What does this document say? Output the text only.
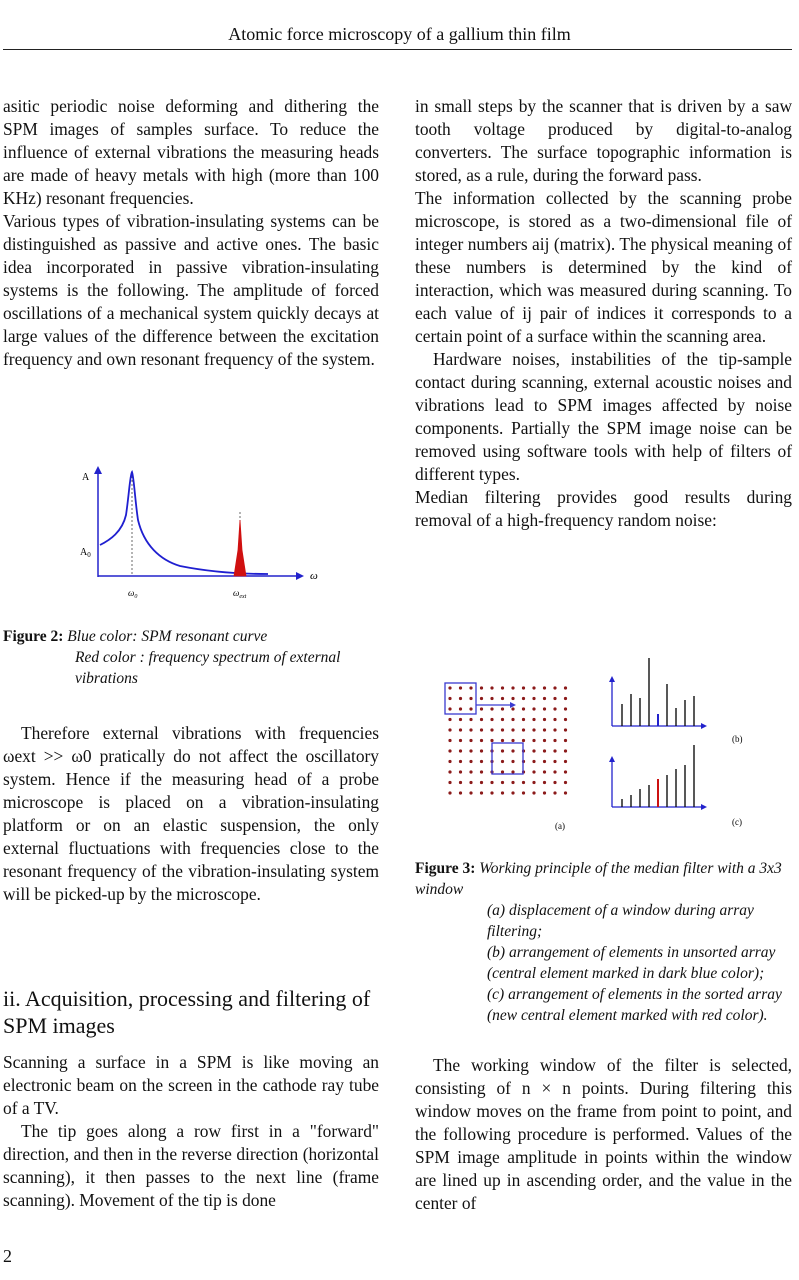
Atomic force microscopy of a gallium thin film

asitic periodic noise deforming and dithering the SPM images of samples surface. To reduce the influence of external vibrations the measuring heads are made of heavy metals with high (more than 100 KHz) resonant frequencies.

Various types of vibration-insulating systems can be distinguished as passive and active ones. The basic idea incorporated in passive vibration-insulating systems is the following. The amplitude of forced oscillations of a mechanical system quickly decays at large values of the difference between the excitation frequency and own resonant frequency of the system.

A
$A_0$
ω
$\omega_0$	$\omega_{ext}$
Figure 2: Blue color: SPM resonant curve
Red color : frequency spectrum of external vibrations

Therefore external vibrations with frequencies ωext >> ω0 pratically do not affect the oscillatory system. Hence if the measuring head of a probe microscope is placed on a vibration-insulating platform or on an elastic suspension, the only external fluctuations with frequencies close to the resonant frequency of the vibration-insulating system will be picked-up by the microscope.

ii. Acquisition, processing and filtering of SPM images

Scanning a surface in a SPM is like moving an electronic beam on the screen in the cathode ray tube of a TV.

The tip goes along a row first in a "forward" direction, and then in the reverse direction (horizontal scanning), it then passes to the next line (frame scanning). Movement of the tip is done

in small steps by the scanner that is driven by a saw tooth voltage produced by digital-to-analog converters. The surface topographic information is stored, as a rule, during the forward pass.

The information collected by the scanning probe microscope, is stored as a two-dimensional file of integer numbers aij (matrix). The physical meaning of these numbers is determined by the kind of interaction, which was measured during scanning. To each value of ij pair of indices it corresponds to a certain point of a surface within the scanning area.

Hardware noises, instabilities of the tip-sample contact during scanning, external acoustic noises and vibrations lead to SPM images affected by noise components. Partially the SPM image noise can be removed using software tools with help of filters of different types.

Median filtering provides good results during removal of a high-frequency random noise:

(a)
(b)
(c)
Figure 3: Working principle of the median filter with a 3x3 window
(a) displacement of a window during array filtering;
(b) arrangement of elements in unsorted array (central element marked in dark blue color);
(c) arrangement of elements in the sorted array (new central element marked with red color).

The working window of the filter is selected, consisting of n × n points. During filtering this window moves on the frame from point to point, and the following procedure is performed. Values of the SPM image amplitude in points within the window are lined up in ascending order, and the value in the center of

2
